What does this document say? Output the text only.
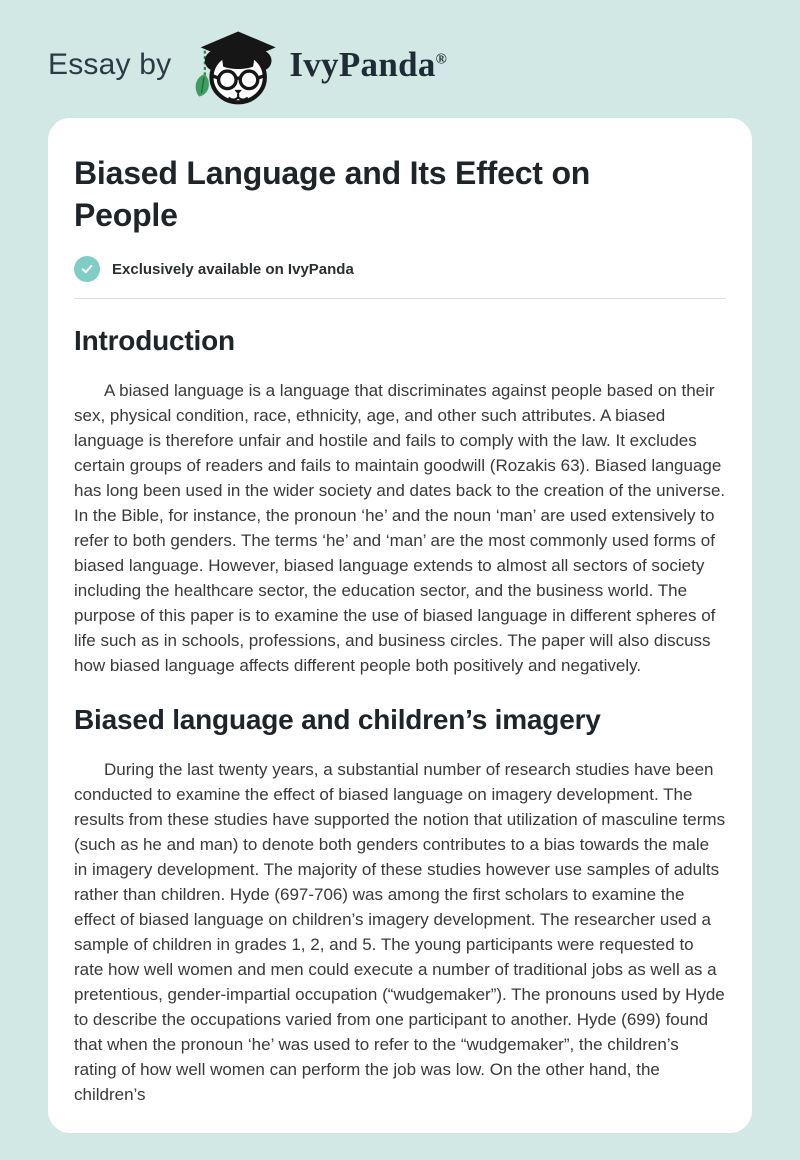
Essay by	IvyPanda®
Biased Language and Its Effect on People
Exclusively available on IvyPanda
Introduction

A biased language is a language that discriminates against people based on their sex, physical condition, race, ethnicity, age, and other such attributes. A biased language is therefore unfair and hostile and fails to comply with the law. It excludes certain groups of readers and fails to maintain goodwill (Rozakis 63). Biased language has long been used in the wider society and dates back to the creation of the universe. In the Bible, for instance, the pronoun ‘he’ and the noun ‘man’ are used extensively to refer to both genders. The terms ‘he’ and ‘man’ are the most commonly used forms of biased language. However, biased language extends to almost all sectors of society including the healthcare sector, the education sector, and the business world. The purpose of this paper is to examine the use of biased language in different spheres of life such as in schools, professions, and business circles. The paper will also discuss how biased language affects different people both positively and negatively.

Biased language and children’s imagery

During the last twenty years, a substantial number of research studies have been conducted to examine the effect of biased language on imagery development. The results from these studies have supported the notion that utilization of masculine terms (such as he and man) to denote both genders contributes to a bias towards the male in imagery development. The majority of these studies however use samples of adults rather than children. Hyde (697-706) was among the first scholars to examine the effect of biased language on children’s imagery development. The researcher used a sample of children in grades 1, 2, and 5. The young participants were requested to rate how well women and men could execute a number of traditional jobs as well as a pretentious, gender-impartial occupation (“wudgemaker”). The pronouns used by Hyde to describe the occupations varied from one participant to another. Hyde (699) found that when the pronoun ‘he’ was used to refer to the “wudgemaker”, the children’s rating of how well women can perform the job was low. On the other hand, the children’s
